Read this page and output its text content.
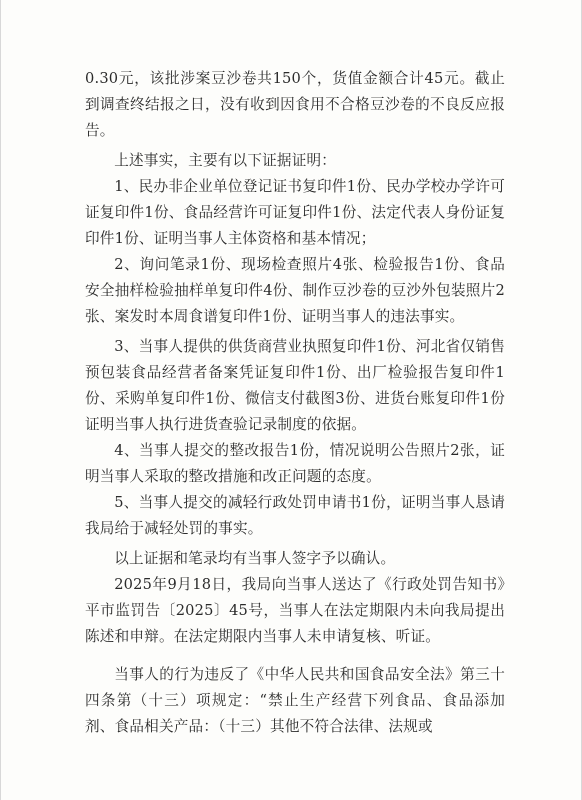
0.30元，该批涉案豆沙卷共150个，货值金额合计45元。截止到调查终结报之日，没有收到因食用不合格豆沙卷的不良反应报告。

上述事实，主要有以下证据证明：

1、民办非企业单位登记证书复印件1份、民办学校办学许可证复印件1份、食品经营许可证复印件1份、法定代表人身份证复印件1份、证明当事人主体资格和基本情况；

2、询问笔录1份、现场检查照片4张、检验报告1份、食品安全抽样检验抽样单复印件4份、制作豆沙卷的豆沙外包装照片2张、案发时本周食谱复印件1份、证明当事人的违法事实。

3、当事人提供的供货商营业执照复印件1份、河北省仅销售预包装食品经营者备案凭证复印件1份、出厂检验报告复印件1份、采购单复印件1份、微信支付截图3份、进货台账复印件1份证明当事人执行进货查验记录制度的依据。

4、当事人提交的整改报告1份，情况说明公告照片2张，证明当事人采取的整改措施和改正问题的态度。

5、当事人提交的减轻行政处罚申请书1份，证明当事人恳请我局给于减轻处罚的事实。

以上证据和笔录均有当事人签字予以确认。

2025年9月18日，我局向当事人送达了《行政处罚告知书》平市监罚告〔2025〕45号，当事人在法定期限内未向我局提出陈述和申辩。在法定期限内当事人未申请复核、听证。

当事人的行为违反了《中华人民共和国食品安全法》第三十四条第（十三）项规定：“禁止生产经营下列食品、食品添加剂、食品相关产品：（十三）其他不符合法律、法规或
